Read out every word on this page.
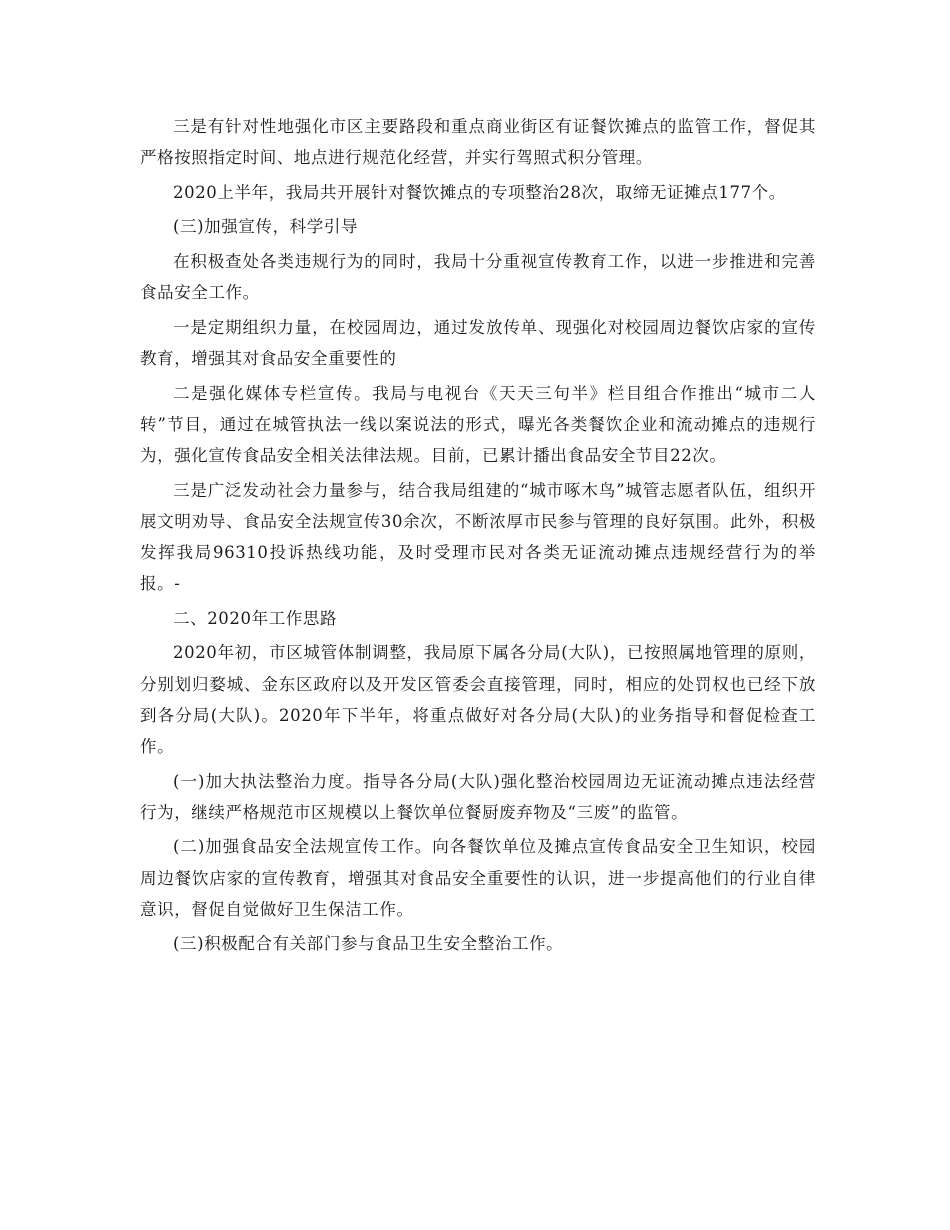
三是有针对性地强化市区主要路段和重点商业街区有证餐饮摊点的监管工作，督促其严格按照指定时间、地点进行规范化经营，并实行驾照式积分管理。

2020上半年，我局共开展针对餐饮摊点的专项整治28次，取缔无证摊点177个。

(三)加强宣传，科学引导

在积极查处各类违规行为的同时，我局十分重视宣传教育工作，以进一步推进和完善食品安全工作。

一是定期组织力量，在校园周边，通过发放传单、现强化对校园周边餐饮店家的宣传教育，增强其对食品安全重要性的

二是强化媒体专栏宣传。我局与电视台《天天三句半》栏目组合作推出“城市二人转”节目，通过在城管执法一线以案说法的形式，曝光各类餐饮企业和流动摊点的违规行为，强化宣传食品安全相关法律法规。目前，已累计播出食品安全节目22次。

三是广泛发动社会力量参与，结合我局组建的“城市啄木鸟”城管志愿者队伍，组织开展文明劝导、食品安全法规宣传30余次，不断浓厚市民参与管理的良好氛围。此外，积极发挥我局96310投诉热线功能，及时受理市民对各类无证流动摊点违规经营行为的举报。-

二、2020年工作思路

2020年初，市区城管体制调整，我局原下属各分局(大队)，已按照属地管理的原则，分别划归婺城、金东区政府以及开发区管委会直接管理，同时，相应的处罚权也已经下放到各分局(大队)。2020年下半年，将重点做好对各分局(大队)的业务指导和督促检查工作。

(一)加大执法整治力度。指导各分局(大队)强化整治校园周边无证流动摊点违法经营行为，继续严格规范市区规模以上餐饮单位餐厨废弃物及“三废”的监管。

(二)加强食品安全法规宣传工作。向各餐饮单位及摊点宣传食品安全卫生知识，校园周边餐饮店家的宣传教育，增强其对食品安全重要性的认识，进一步提高他们的行业自律意识，督促自觉做好卫生保洁工作。

(三)积极配合有关部门参与食品卫生安全整治工作。
